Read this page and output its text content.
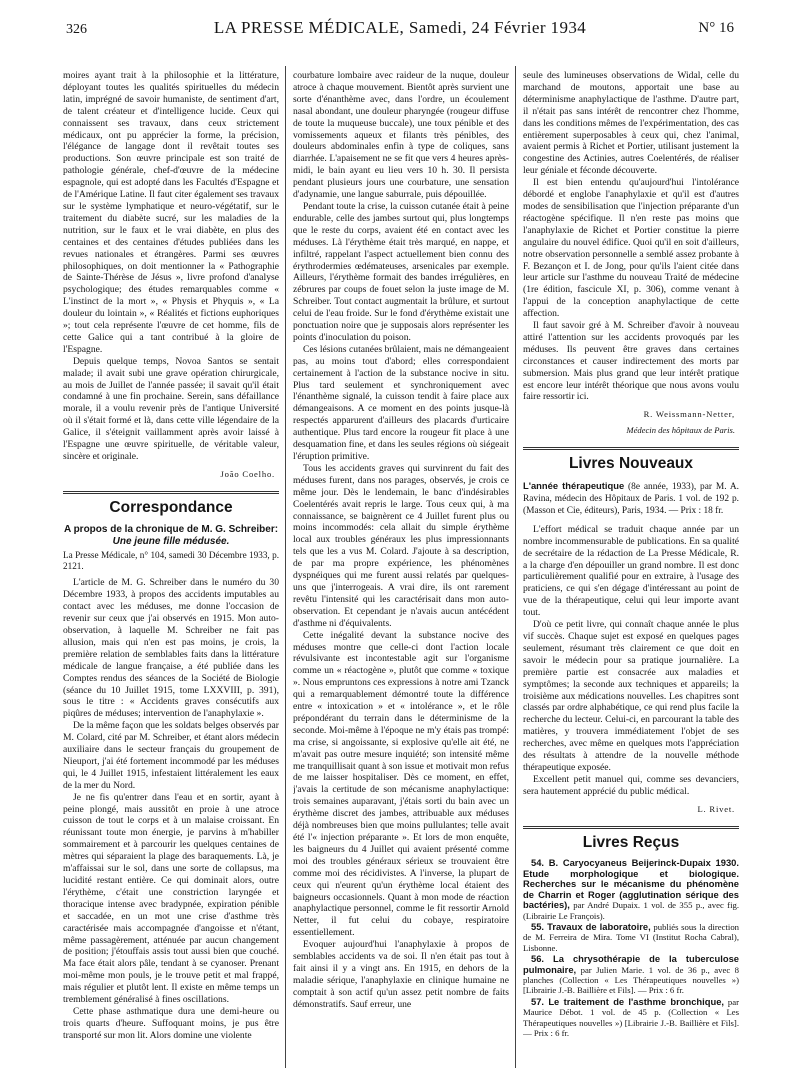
326	LA PRESSE MÉDICALE, Samedi, 24 Février 1934	N° 16

moires ayant trait à la philosophie et la littérature, déployant toutes les qualités spirituelles du médecin latin, imprégné de savoir humaniste, de sentiment d'art, de talent créateur et d'intelligence lucide. Ceux qui connaissent ses travaux, dans ceux strictement médicaux, ont pu apprécier la forme, la précision, l'élégance de langage dont il revêtait toutes ses productions. Son œuvre principale est son traité de pathologie générale, chef-d'œuvre de la médecine espagnole, qui est adopté dans les Facultés d'Espagne et de l'Amérique Latine. Il faut citer également ses travaux sur le système lymphatique et neuro-végétatif, sur le traitement du diabète sucré, sur les maladies de la nutrition, sur le faux et le vrai diabète, en plus des centaines et des centaines d'études publiées dans les revues nationales et étrangères. Parmi ses œuvres philosophiques, on doit mentionner la « Pathographie de Sainte-Thérèse de Jésus », livre profond d'analyse psychologique; des études remarquables comme « L'instinct de la mort », « Physis et Phyquis », « La douleur du lointain », « Réalités et fictions euphoriques »; tout cela représente l'œuvre de cet homme, fils de cette Galice qui a tant contribué à la gloire de l'Espagne.

Depuis quelque temps, Novoa Santos se sentait malade; il avait subi une grave opération chirurgicale, au mois de Juillet de l'année passée; il savait qu'il était condamné à une fin prochaine. Serein, sans défaillance morale, il a voulu revenir près de l'antique Université où il s'était formé et là, dans cette ville légendaire de la Galice, il s'éteignit vaillamment après avoir laissé à l'Espagne une œuvre spirituelle, de véritable valeur, sincère et originale.

João Coelho.

Correspondance
A propos de la chronique de M. G. Schreiber:
Une jeune fille médusée.

La Presse Médicale, n° 104, samedi 30 Décembre 1933, p. 2121.

L'article de M. G. Schreiber dans le numéro du 30 Décembre 1933, à propos des accidents imputables au contact avec les méduses, me donne l'occasion de revenir sur ceux que j'ai observés en 1915. Mon auto-observation, à laquelle M. Schreiber ne fait pas allusion, mais qui n'en est pas moins, je crois, la première relation de semblables faits dans la littérature médicale de langue française, a été publiée dans les Comptes rendus des séances de la Société de Biologie (séance du 10 Juillet 1915, tome LXXVIII, p. 391), sous le titre : « Accidents graves consécutifs aux piqûres de méduses; intervention de l'anaphylaxie ».

De la même façon que les soldats belges observés par M. Colard, cité par M. Schreiber, et étant alors médecin auxiliaire dans le secteur français du groupement de Nieuport, j'ai été fortement incommodé par les méduses qui, le 4 Juillet 1915, infestaient littéralement les eaux de la mer du Nord.

Je ne fis qu'entrer dans l'eau et en sortir, ayant à peine plongé, mais aussitôt en proie à une atroce cuisson de tout le corps et à un malaise croissant. En réunissant toute mon énergie, je parvins à m'habiller sommairement et à parcourir les quelques centaines de mètres qui séparaient la plage des baraquements. Là, je m'affaissai sur le sol, dans une sorte de collapsus, ma lucidité restant entière. Ce qui dominait alors, outre l'érythème, c'était une constriction laryngée et thoracique intense avec bradypnée, expiration pénible et saccadée, en un mot une crise d'asthme très caractérisée mais accompagnée d'angoisse et n'étant, même passagèrement, atténuée par aucun changement de position; j'étouffais assis tout aussi bien que couché. Ma face était alors pâle, tendant à se cyanoser. Prenant moi-même mon pouls, je le trouve petit et mal frappé, mais régulier et plutôt lent. Il existe en même temps un tremblement généralisé à fines oscillations.

Cette phase asthmatique dura une demi-heure ou trois quarts d'heure. Suffoquant moins, je pus être transporté sur mon lit. Alors domine une violente

courbature lombaire avec raideur de la nuque, douleur atroce à chaque mouvement. Bientôt après survient une sorte d'énanthème avec, dans l'ordre, un écoulement nasal abondant, une douleur pharyngée (rougeur diffuse de toute la muqueuse buccale), une toux pénible et des vomissements aqueux et filants très pénibles, des douleurs abdominales enfin à type de coliques, sans diarrhée. L'apaisement ne se fit que vers 4 heures après-midi, le bain ayant eu lieu vers 10 h. 30. Il persista pendant plusieurs jours une courbature, une sensation d'adynamie, une langue saburrale, puis dépouillée.

Pendant toute la crise, la cuisson cutanée était à peine endurable, celle des jambes surtout qui, plus longtemps que le reste du corps, avaient été en contact avec les méduses. Là l'érythème était très marqué, en nappe, et infiltré, rappelant l'aspect actuellement bien connu des érythrodermies œdémateuses, arsenicales par exemple. Ailleurs, l'érythème formait des bandes irrégulières, en zébrures par coups de fouet selon la juste image de M. Schreiber. Tout contact augmentait la brûlure, et surtout celui de l'eau froide. Sur le fond d'érythème existait une ponctuation noire que je supposais alors représenter les points d'inoculation du poison.

Ces lésions cutanées brûlaient, mais ne démangeaient pas, au moins tout d'abord; elles correspondaient certainement à l'action de la substance nocive in situ. Plus tard seulement et synchroniquement avec l'énanthème signalé, la cuisson tendit à faire place aux démangeaisons. A ce moment en des points jusque-là respectés apparurent d'ailleurs des placards d'urticaire authentique. Plus tard encore la rougeur fit place à une desquamation fine, et dans les seules régions où siégeait l'éruption primitive.

Tous les accidents graves qui survinrent du fait des méduses furent, dans nos parages, observés, je crois ce même jour. Dès le lendemain, le banc d'indésirables Coelentérés avait repris le large. Tous ceux qui, à ma connaissance, se baignèrent ce 4 Juillet furent plus ou moins incommodés: cela allait du simple érythème local aux troubles généraux les plus impressionnants tels que les a vus M. Colard. J'ajoute à sa description, de par ma propre expérience, les phénomènes dyspnéiques qui me furent aussi relatés par quelques-uns que j'interrogeais. A vrai dire, ils ont rarement revêtu l'intensité qui les caractérisait dans mon auto-observation. Et cependant je n'avais aucun antécédent d'asthme ni d'équivalents.

Cette inégalité devant la substance nocive des méduses montre que celle-ci dont l'action locale révulsivante est incontestable agit sur l'organisme comme un « réactogène », plutôt que comme « toxique ». Nous empruntons ces expressions à notre ami Tzanck qui a remarquablement démontré toute la différence entre « intoxication » et « intolérance », et le rôle prépondérant du terrain dans le déterminisme de la seconde. Moi-même à l'époque ne m'y étais pas trompé: ma crise, si angoissante, si explosive qu'elle ait été, ne m'avait pas outre mesure inquiété; son intensité même me tranquillisait quant à son issue et motivait mon refus de me laisser hospitaliser. Dès ce moment, en effet, j'avais la certitude de son mécanisme anaphylactique: trois semaines auparavant, j'étais sorti du bain avec un érythème discret des jambes, attribuable aux méduses déjà nombreuses bien que moins pullulantes; telle avait été l'« injection préparante ». Et lors de mon enquête, les baigneurs du 4 Juillet qui avaient présenté comme moi des troubles généraux sérieux se trouvaient être comme moi des récidivistes. A l'inverse, la plupart de ceux qui n'eurent qu'un érythème local étaient des baigneurs occasionnels. Quant à mon mode de réaction anaphylactique personnel, comme le fit ressortir Arnold Netter, il fut celui du cobaye, respiratoire essentiellement.

Evoquer aujourd'hui l'anaphylaxie à propos de semblables accidents va de soi. Il n'en était pas tout à fait ainsi il y a vingt ans. En 1915, en dehors de la maladie sérique, l'anaphylaxie en clinique humaine ne comptait à son actif qu'un assez petit nombre de faits démonstratifs. Sauf erreur, une

seule des lumineuses observations de Widal, celle du marchand de moutons, apportait une base au déterminisme anaphylactique de l'asthme. D'autre part, il n'était pas sans intérêt de rencontrer chez l'homme, dans les conditions mêmes de l'expérimentation, des cas entièrement superposables à ceux qui, chez l'animal, avaient permis à Richet et Portier, utilisant justement la congestine des Actinies, autres Coelentérés, de réaliser leur géniale et féconde découverte.

Il est bien entendu qu'aujourd'hui l'intolérance débordé et englobe l'anaphylaxie et qu'il est d'autres modes de sensibilisation que l'injection préparante d'un réactogène spécifique. Il n'en reste pas moins que l'anaphylaxie de Richet et Portier constitue la pierre angulaire du nouvel édifice. Quoi qu'il en soit d'ailleurs, notre observation personnelle a semblé assez probante à F. Bezançon et I. de Jong, pour qu'ils l'aient citée dans leur article sur l'asthme du nouveau Traité de médecine (1re édition, fascicule XI, p. 306), comme venant à l'appui de la conception anaphylactique de cette affection.

Il faut savoir gré à M. Schreiber d'avoir à nouveau attiré l'attention sur les accidents provoqués par les méduses. Ils peuvent être graves dans certaines circonstances et causer indirectement des morts par submersion. Mais plus grand que leur intérêt pratique est encore leur intérêt théorique que nous avons voulu faire ressortir ici.

R. Weissmann-Netter,

Médecin des hôpitaux de Paris.

Livres Nouveaux

L'année thérapeutique (8e année, 1933), par M. A. Ravina, médecin des Hôpitaux de Paris. 1 vol. de 192 p. (Masson et Cie, éditeurs), Paris, 1934. — Prix : 18 fr.

L'effort médical se traduit chaque année par un nombre incommensurable de publications. En sa qualité de secrétaire de la rédaction de La Presse Médicale, R. a la charge d'en dépouiller un grand nombre. Il est donc particulièrement qualifié pour en extraire, à l'usage des praticiens, ce qui s'en dégage d'intéressant au point de vue de la thérapeutique, celui qui leur importe avant tout.

D'où ce petit livre, qui connaît chaque année le plus vif succès. Chaque sujet est exposé en quelques pages seulement, résumant très clairement ce que doit en savoir le médecin pour sa pratique journalière. La première partie est consacrée aux maladies et symptômes; la seconde aux techniques et appareils; la troisième aux médications nouvelles. Les chapitres sont classés par ordre alphabétique, ce qui rend plus facile la recherche du lecteur. Celui-ci, en parcourant la table des matières, y trouvera immédiatement l'objet de ses recherches, avec même en quelques mots l'appréciation des résultats à attendre de la nouvelle méthode thérapeutique exposée.

Excellent petit manuel qui, comme ses devanciers, sera hautement apprécié du public médical.

L. Rivet.

Livres Reçus

54. B. Caryocyaneus Beijerinck-Dupaix 1930. Etude morphologique et biologique. Recherches sur le mécanisme du phénomène de Charrin et Roger (agglutination sérique des bactéries), par André Dupaix. 1 vol. de 355 p., avec fig. (Librairie Le François).

55. Travaux de laboratoire, publiés sous la direction de M. Ferreira de Mira. Tome VI (Institut Rocha Cabral), Lisbonne.

56. La chrysothérapie de la tuberculose pulmonaire, par Julien Marie. 1 vol. de 36 p., avec 8 planches (Collection « Les Thérapeutiques nouvelles ») [Librairie J.-B. Baillière et Fils]. — Prix : 6 fr.

57. Le traitement de l'asthme bronchique, par Maurice Débot. 1 vol. de 45 p. (Collection « Les Thérapeutiques nouvelles ») [Librairie J.-B. Baillière et Fils]. — Prix : 6 fr.
